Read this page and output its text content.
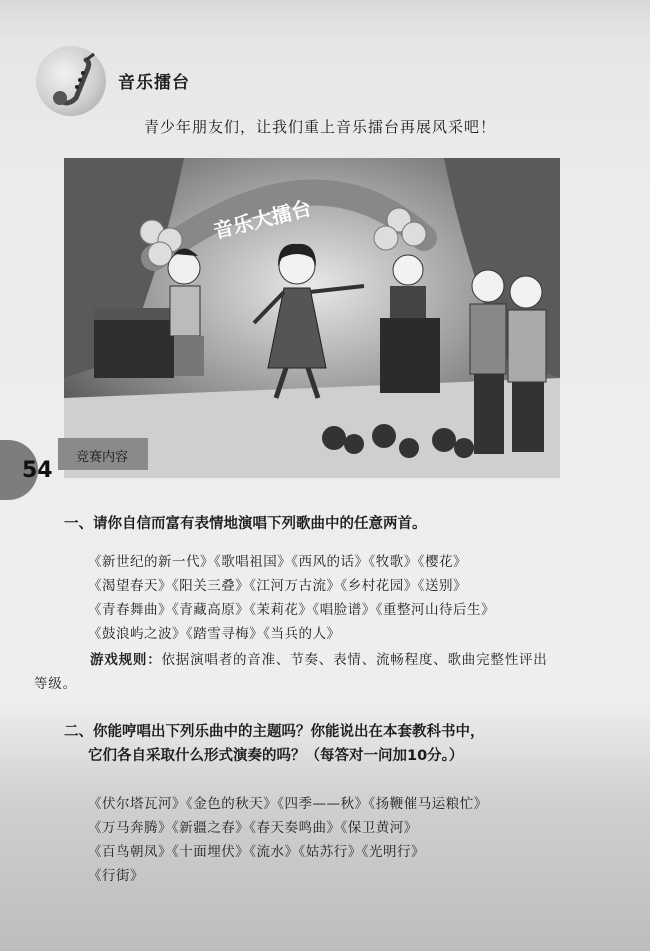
音乐擂台
青少年朋友们，让我们重上音乐擂台再展风采吧！
音乐大擂台
竞赛内容
54
一、请你自信而富有表情地演唱下列歌曲中的任意两首。
《新世纪的新一代》《歌唱祖国》《西风的话》《牧歌》《樱花》
《渴望春天》《阳关三叠》《江河万古流》《乡村花园》《送别》
《青春舞曲》《青藏高原》《茉莉花》《唱脸谱》《重整河山待后生》
《鼓浪屿之波》《踏雪寻梅》《当兵的人》
游戏规则：依据演唱者的音准、节奏、表情、流畅程度、歌曲完整性评出
等级。
二、你能哼唱出下列乐曲中的主题吗？你能说出在本套教科书中，
它们各自采取什么形式演奏的吗？（每答对一问加10分。）
《伏尔塔瓦河》《金色的秋天》《四季——秋》《扬鞭催马运粮忙》
《万马奔腾》《新疆之春》《春天奏鸣曲》《保卫黄河》
《百鸟朝凤》《十面埋伏》《流水》《姑苏行》《光明行》
《行街》
